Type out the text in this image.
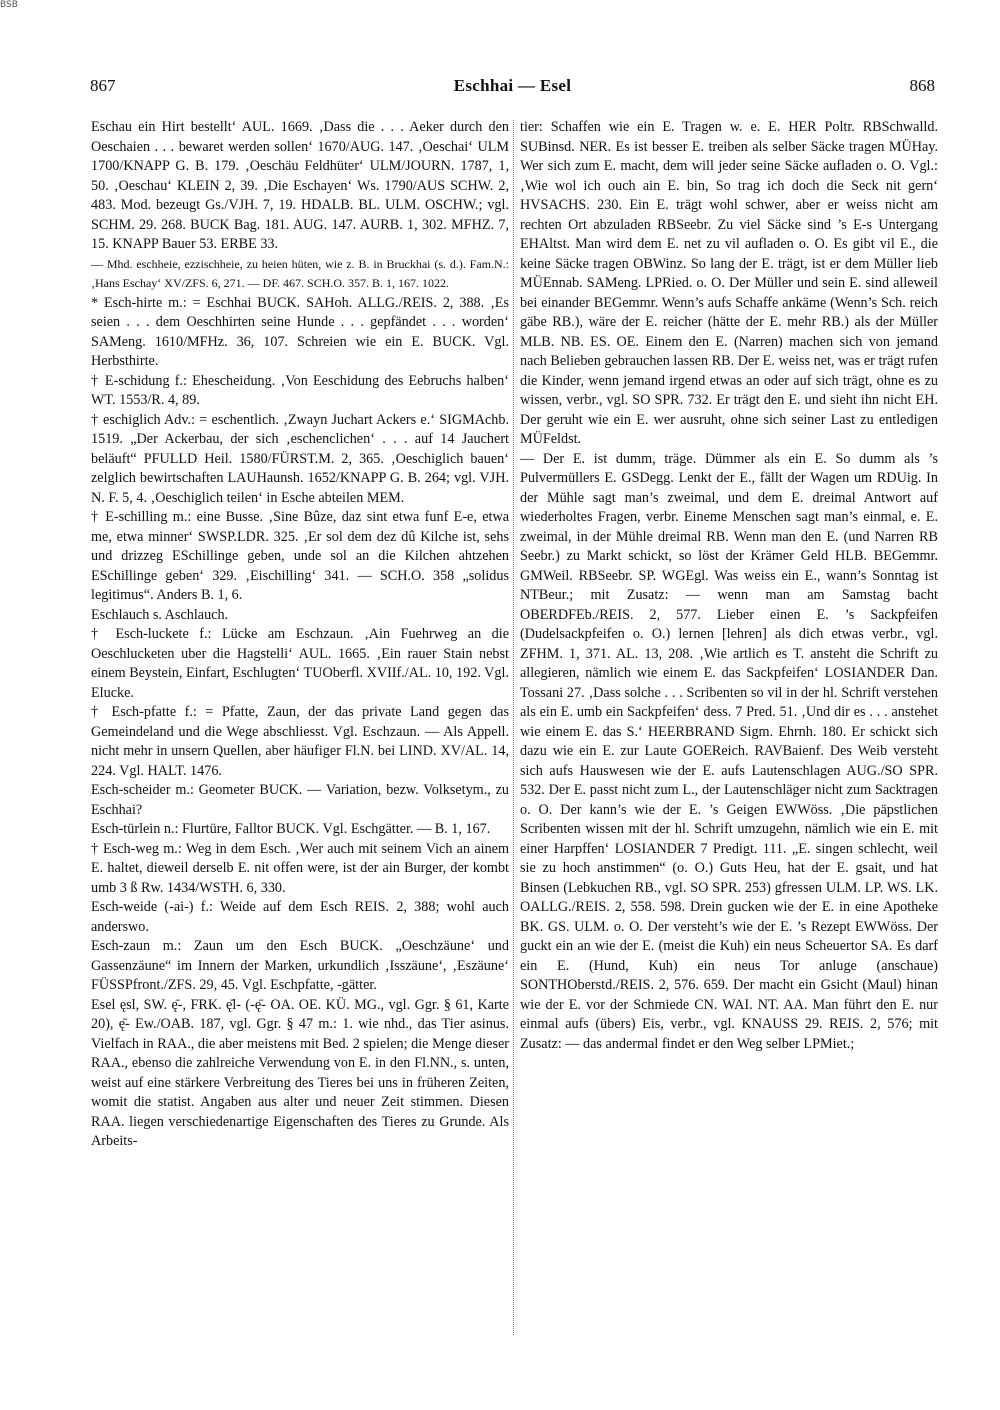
BSB
867	Eschhai — Esel	868

Eschau ein Hirt bestellt‘ AUL. 1669. ‚Dass die . . . Aeker durch den Oeschaien . . . bewaret werden sollen‘ 1670/AUG. 147. ‚Oeschai‘ ULM 1700/KNAPP G. B. 179. ‚Oeschäu Feldhüter‘ ULM/JOURN. 1787, 1, 50. ‚Oeschau‘ KLEIN 2, 39. ‚Die Eschayen‘ Ws. 1790/AUS SCHW. 2, 483. Mod. bezeugt Gs./VJH. 7, 19. HDALB. BL. ULM. OSCHW.; vgl. SCHM. 29. 268. BUCK Bag. 181. AUG. 147. AURB. 1, 302. MFHZ. 7, 15. KNAPP Bauer 53. ERBE 33.

— Mhd. eschheie, ezzischheie, zu heien hüten, wie z. B. in Bruckhai (s. d.). Fam.N.: ‚Hans Eschay‘ XV/ZFS. 6, 271. — DF. 467. SCH.O. 357. B. 1, 167. 1022.

* Esch-hirte m.: = Eschhai BUCK. SAHoh. ALLG./REIS. 2, 388. ‚Es seien . . . dem Oeschhirten seine Hunde . . . gepfändet . . . worden‘ SAMeng. 1610/MFHz. 36, 107. Schreien wie ein E. BUCK. Vgl. Herbsthirte.

† E-schidung f.: Ehescheidung. ‚Von Eeschidung des Eebruchs halben‘ WT. 1553/R. 4, 89.

† eschiglich Adv.: = eschentlich. ‚Zwayn Juchart Ackers e.‘ SIGMAchb. 1519. „Der Ackerbau, der sich ‚eschenclichen‘ . . . auf 14 Jauchert beläuft“ PFULLD Heil. 1580/FÜRST.M. 2, 365. ‚Oeschiglich bauen‘ zelglich bewirtschaften LAUHaunsh. 1652/KNAPP G. B. 264; vgl. VJH. N. F. 5, 4. ‚Oeschiglich teilen‘ in Esche abteilen MEM.

† E-schilling m.: eine Busse. ‚Sine Bûze, daz sint etwa funf E-e, etwa me, etwa minner‘ SWSP.LDR. 325. ‚Er sol dem dez dû Kilche ist, sehs und drizzeg ESchillinge geben, unde sol an die Kilchen ahtzehen ESchillinge geben‘ 329. ‚Eischilling‘ 341. — SCH.O. 358 „solidus legitimus“. Anders B. 1, 6.

Eschlauch s. Aschlauch.

† Esch-luckete f.: Lücke am Eschzaun. ‚Ain Fuehrweg an die Oeschlucketen uber die Hagstelli‘ AUL. 1665. ‚Ein rauer Stain nebst einem Beystein, Einfart, Eschlugten‘ TUOberfl. XVIIf./AL. 10, 192. Vgl. Elucke.

† Esch-pfatte f.: = Pfatte, Zaun, der das private Land gegen das Gemeindeland und die Wege abschliesst. Vgl. Eschzaun. — Als Appell. nicht mehr in unsern Quellen, aber häufiger Fl.N. bei LIND. XV/AL. 14, 224. Vgl. HALT. 1476.

Esch-scheider m.: Geometer BUCK. — Variation, bezw. Volksetym., zu Eschhai?

Esch-türlein n.: Flurtüre, Falltor BUCK. Vgl. Eschgätter. — B. 1, 167.

† Esch-weg m.: Weg in dem Esch. ‚Wer auch mit seinem Vich an ainem E. haltet, dieweil derselb E. nit offen were, ist der ain Burger, der kombt umb 3 ß Rw. 1434/WSTH. 6, 330.

Esch-weide (-ai-) f.: Weide auf dem Esch REIS. 2, 388; wohl auch anderswo.

Esch-zaun m.: Zaun um den Esch BUCK. „Oeschzäune‘ und Gassenzäune“ im Innern der Marken, urkundlich ‚Isszäune‘, ‚Eszäune‘ FÜSSPfront./ZFS. 29, 45. Vgl. Eschpfatte, -gätter.

Esel ęsl, SW. ę̄-, FRK. ę̄l- (-ę̄- OA. OE. KÜ. MG., vgl. Ggr. § 61, Karte 20), ę̄- Ew./OAB. 187, vgl. Ggr. § 47 m.: 1. wie nhd., das Tier asinus. Vielfach in RAA., die aber meistens mit Bed. 2 spielen; die Menge dieser RAA., ebenso die zahlreiche Verwendung von E. in den Fl.NN., s. unten, weist auf eine stärkere Verbreitung des Tieres bei uns in früheren Zeiten, womit die statist. Angaben aus alter und neuer Zeit stimmen. Diesen RAA. liegen verschiedenartige Eigenschaften des Tieres zu Grunde. Als Arbeits-

tier: Schaffen wie ein E. Tragen w. e. E. HER Poltr. RBSchwalld. SUBinsd. NER. Es ist besser E. treiben als selber Säcke tragen MÜHay. Wer sich zum E. macht, dem will jeder seine Säcke aufladen o. O. Vgl.: ‚Wie wol ich ouch ain E. bin, So trag ich doch die Seck nit gern‘ HVSACHS. 230. Ein E. trägt wohl schwer, aber er weiss nicht am rechten Ort abzuladen RBSeebr. Zu viel Säcke sind ’s E-s Untergang EHAltst. Man wird dem E. net zu vil aufladen o. O. Es gibt vil E., die keine Säcke tragen OBWinz. So lang der E. trägt, ist er dem Müller lieb MÜEnnab. SAMeng. LPRied. o. O. Der Müller und sein E. sind alleweil bei einander BEGemmr. Wenn’s aufs Schaffe ankäme (Wenn’s Sch. reich gäbe RB.), wäre der E. reicher (hätte der E. mehr RB.) als der Müller MLB. NB. ES. OE. Einem den E. (Narren) machen sich von jemand nach Belieben gebrauchen lassen RB. Der E. weiss net, was er trägt rufen die Kinder, wenn jemand irgend etwas an oder auf sich trägt, ohne es zu wissen, verbr., vgl. SO SPR. 732. Er trägt den E. und sieht ihn nicht EH. Der geruht wie ein E. wer ausruht, ohne sich seiner Last zu entledigen MÜFeldst.

— Der E. ist dumm, träge. Dümmer als ein E. So dumm als ’s Pulvermüllers E. GSDegg. Lenkt der E., fällt der Wagen um RDUig. In der Mühle sagt man’s zweimal, und dem E. dreimal Antwort auf wiederholtes Fragen, verbr. Eineme Menschen sagt man’s einmal, e. E. zweimal, in der Mühle dreimal RB. Wenn man den E. (und Narren RB Seebr.) zu Markt schickt, so löst der Krämer Geld HLB. BEGemmr. GMWeil. RBSeebr. SP. WGEgl. Was weiss ein E., wann’s Sonntag ist NTBeur.; mit Zusatz: — wenn man am Samstag bacht OBERDFEb./REIS. 2, 577. Lieber einen E. ’s Sackpfeifen (Dudelsackpfeifen o. O.) lernen [lehren] als dich etwas verbr., vgl. ZFHM. 1, 371. AL. 13, 208. ‚Wie artlich es T. ansteht die Schrift zu allegieren, nämlich wie einem E. das Sackpfeifen‘ LOSIANDER Dan. Tossani 27. ‚Dass solche . . . Scribenten so vil in der hl. Schrift verstehen als ein E. umb ein Sackpfeifen‘ dess. 7 Pred. 51. ‚Und dir es . . . anstehet wie einem E. das S.‘ HEERBRAND Sigm. Ehrnh. 180. Er schickt sich dazu wie ein E. zur Laute GOEReich. RAVBaienf. Des Weib versteht sich aufs Hauswesen wie der E. aufs Lautenschlagen AUG./SO SPR. 532. Der E. passt nicht zum L., der Lautenschläger nicht zum Sacktragen o. O. Der kann’s wie der E. ’s Geigen EWWöss. ‚Die päpstlichen Scribenten wissen mit der hl. Schrift umzugehn, nämlich wie ein E. mit einer Harpffen‘ LOSIANDER 7 Predigt. 111. „E. singen schlecht, weil sie zu hoch anstimmen“ (o. O.) Guts Heu, hat der E. gsait, und hat Binsen (Lebkuchen RB., vgl. SO SPR. 253) gfressen ULM. LP. WS. LK. OALLG./REIS. 2, 558. 598. Drein gucken wie der E. in eine Apotheke BK. GS. ULM. o. O. Der versteht’s wie der E. ’s Rezept EWWöss. Der guckt ein an wie der E. (meist die Kuh) ein neus Scheuertor SA. Es darf ein E. (Hund, Kuh) ein neus Tor anluge (anschaue) SONTHOberstd./REIS. 2, 576. 659. Der macht ein Gsicht (Maul) hinan wie der E. vor der Schmiede CN. WAI. NT. AA. Man führt den E. nur einmal aufs (übers) Eis, verbr., vgl. KNAUSS 29. REIS. 2, 576; mit Zusatz: — das andermal findet er den Weg selber LPMiet.;
